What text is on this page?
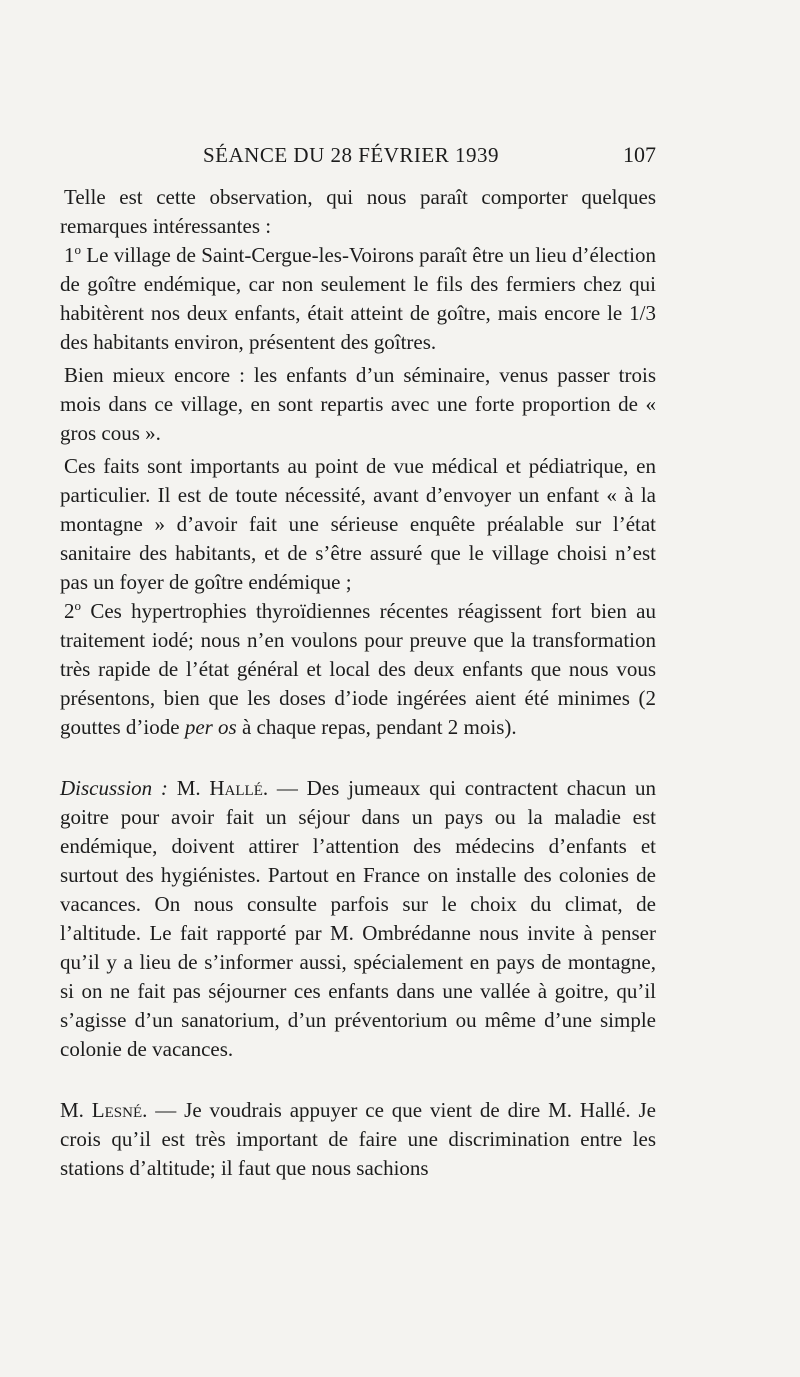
SÉANCE DU 28 FÉVRIER 1939	107

Telle est cette observation, qui nous paraît comporter quelques remarques intéressantes :

1$^o$ Le village de Saint-Cergue-les-Voirons paraît être un lieu d’élection de goître endémique, car non seulement le fils des fermiers chez qui habitèrent nos deux enfants, était atteint de goître, mais encore le 1/3 des habitants environ, présentent des goîtres.

Bien mieux encore : les enfants d’un séminaire, venus passer trois mois dans ce village, en sont repartis avec une forte proportion de « gros cous ».

Ces faits sont importants au point de vue médical et pédiatrique, en particulier. Il est de toute nécessité, avant d’envoyer un enfant « à la montagne » d’avoir fait une sérieuse enquête préalable sur l’état sanitaire des habitants, et de s’être assuré que le village choisi n’est pas un foyer de goître endémique ;

2$^o$ Ces hypertrophies thyroïdiennes récentes réagissent fort bien au traitement iodé; nous n’en voulons pour preuve que la transformation très rapide de l’état général et local des deux enfants que nous vous présentons, bien que les doses d’iode ingérées aient été minimes (2 gouttes d’iode per os à chaque repas, pendant 2 mois).

Discussion : M. Hallé. — Des jumeaux qui contractent chacun un goitre pour avoir fait un séjour dans un pays ou la maladie est endémique, doivent attirer l’attention des médecins d’enfants et surtout des hygiénistes. Partout en France on installe des colonies de vacances. On nous consulte parfois sur le choix du climat, de l’altitude. Le fait rapporté par M. Ombrédanne nous invite à penser qu’il y a lieu de s’informer aussi, spécialement en pays de montagne, si on ne fait pas séjourner ces enfants dans une vallée à goitre, qu’il s’agisse d’un sanatorium, d’un préventorium ou même d’une simple colonie de vacances.

M. Lesné. — Je voudrais appuyer ce que vient de dire M. Hallé. Je crois qu’il est très important de faire une discrimination entre les stations d’altitude; il faut que nous sachions
